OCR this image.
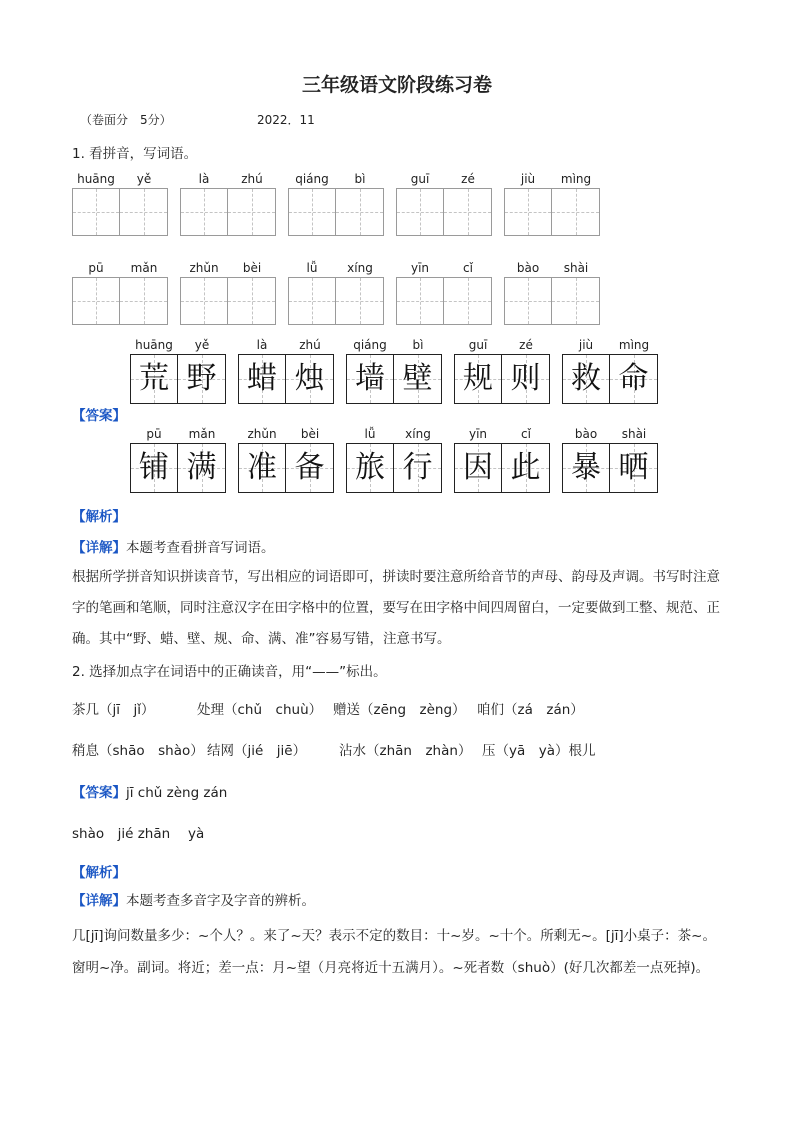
三年级语文阶段练习卷
（卷面分　5分）	2022．11
1. 看拼音，写词语。
huāng	yě	là	zhú	qiáng	bì	guī	zé	jiù	mìng
pū	mǎn	zhǔn	bèi	lǚ	xíng	yīn	cǐ	bào	shài
huāng	yě
荒 野
là	zhú
蜡 烛
qiáng	bì
墙 壁
guī	zé
规 则
jiù	mìng
救 命
【答案】
pū	mǎn
铺 满
zhǔn	bèi
准 备
lǚ	xíng
旅 行
yīn	cǐ
因 此
bào	shài
暴 晒
【解析】
【详解】本题考查看拼音写词语。
根据所学拼音知识拼读音节，写出相应的词语即可，拼读时要注意所给音节的声母、韵母及声调。书写时注意字的笔画和笔顺，同时注意汉字在田字格中的位置，要写在田字格中间四周留白，一定要做到工整、规范、正确。其中“野、蜡、壁、规、命、满、准”容易写错，注意书写。
2. 选择加点字在词语中的正确读音，用“——”标出。
茶几（jī　jǐ）	处理（chǔ　chuù） 赠送（zēng　zèng） 咱们（zá　zán）
稍息（shāo　shào） 结网（jié　jiē） 沾水（zhān　zhàn） 压（yā　yà）根儿
【答案】jī chǔ zèng zán
shào　jié zhān　 yà
【解析】
【详解】本题考查多音字及字音的辨析。
几[jī]询问数量多少：~个人？。来了~天？表示不定的数目：十~岁。~十个。所剩无~。[jī]小桌子：茶~。窗明~净。副词。将近；差一点：月~望（月亮将近十五满月）。~死者数（shuò）(好几次都差一点死掉)。
